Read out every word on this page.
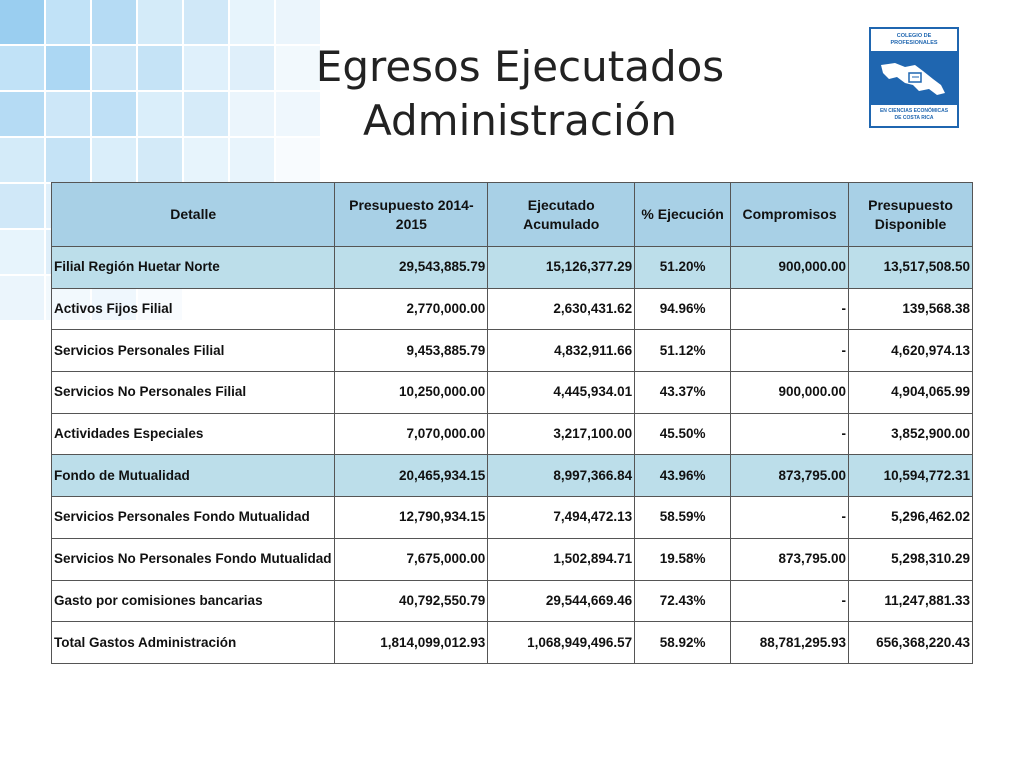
Egresos Ejecutados
Administración
COLEGIO DE
PROFESIONALES
EN CIENCIAS ECONÓMICAS
DE COSTA RICA
Detalle	Presupuesto 2014-2015	Ejecutado Acumulado	% Ejecución	Compromisos	Presupuesto Disponible
Filial Región Huetar Norte	29,543,885.79	15,126,377.29	51.20%	900,000.00	13,517,508.50
Activos Fijos Filial	2,770,000.00	2,630,431.62	94.96%	-	139,568.38
Servicios Personales Filial	9,453,885.79	4,832,911.66	51.12%	-	4,620,974.13
Servicios No Personales Filial	10,250,000.00	4,445,934.01	43.37%	900,000.00	4,904,065.99
Actividades Especiales	7,070,000.00	3,217,100.00	45.50%	-	3,852,900.00
Fondo de Mutualidad	20,465,934.15	8,997,366.84	43.96%	873,795.00	10,594,772.31
Servicios Personales Fondo Mutualidad	12,790,934.15	7,494,472.13	58.59%	-	5,296,462.02
Servicios No Personales Fondo Mutualidad	7,675,000.00	1,502,894.71	19.58%	873,795.00	5,298,310.29
Gasto por comisiones bancarias	40,792,550.79	29,544,669.46	72.43%	-	11,247,881.33
Total Gastos Administración	1,814,099,012.93	1,068,949,496.57	58.92%	88,781,295.93	656,368,220.43
